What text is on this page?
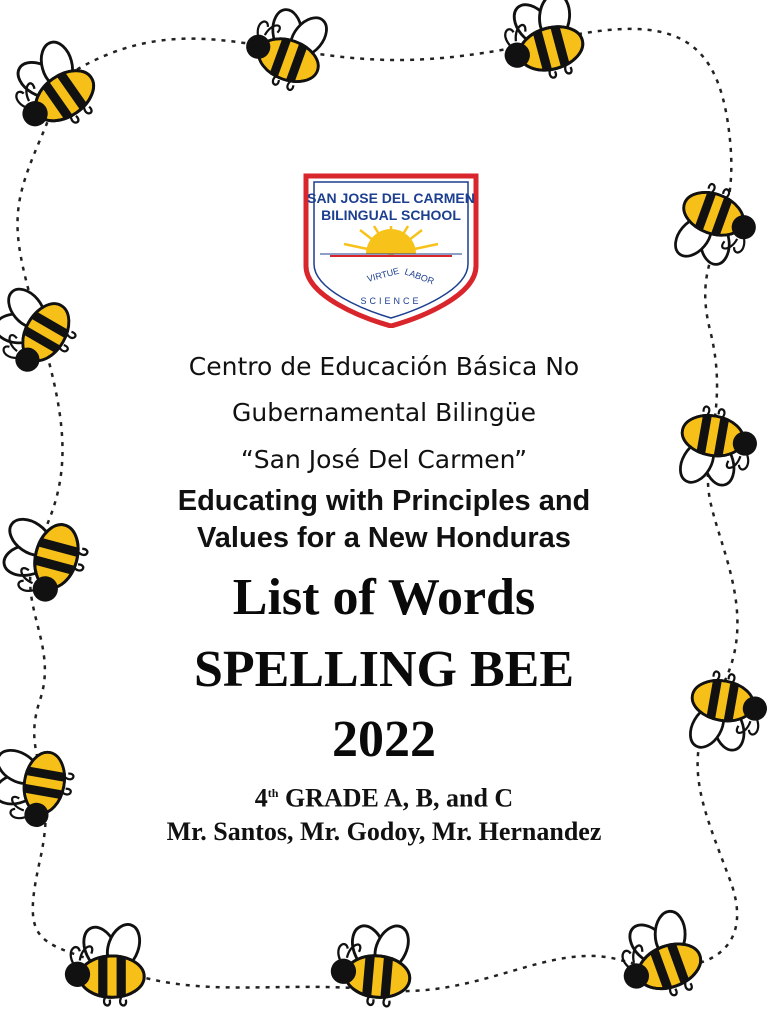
SAN JOSE DEL CARMEN
BILINGUAL SCHOOL
VIRTUE LABOR
SCIENCE
Centro de Educación Básica No
Gubernamental Bilingüe
“San José Del Carmen”
Educating with Principles and
Values for a New Honduras
List of Words
SPELLING BEE
2022
4th GRADE A, B, and C
Mr. Santos, Mr. Godoy, Mr. Hernandez
